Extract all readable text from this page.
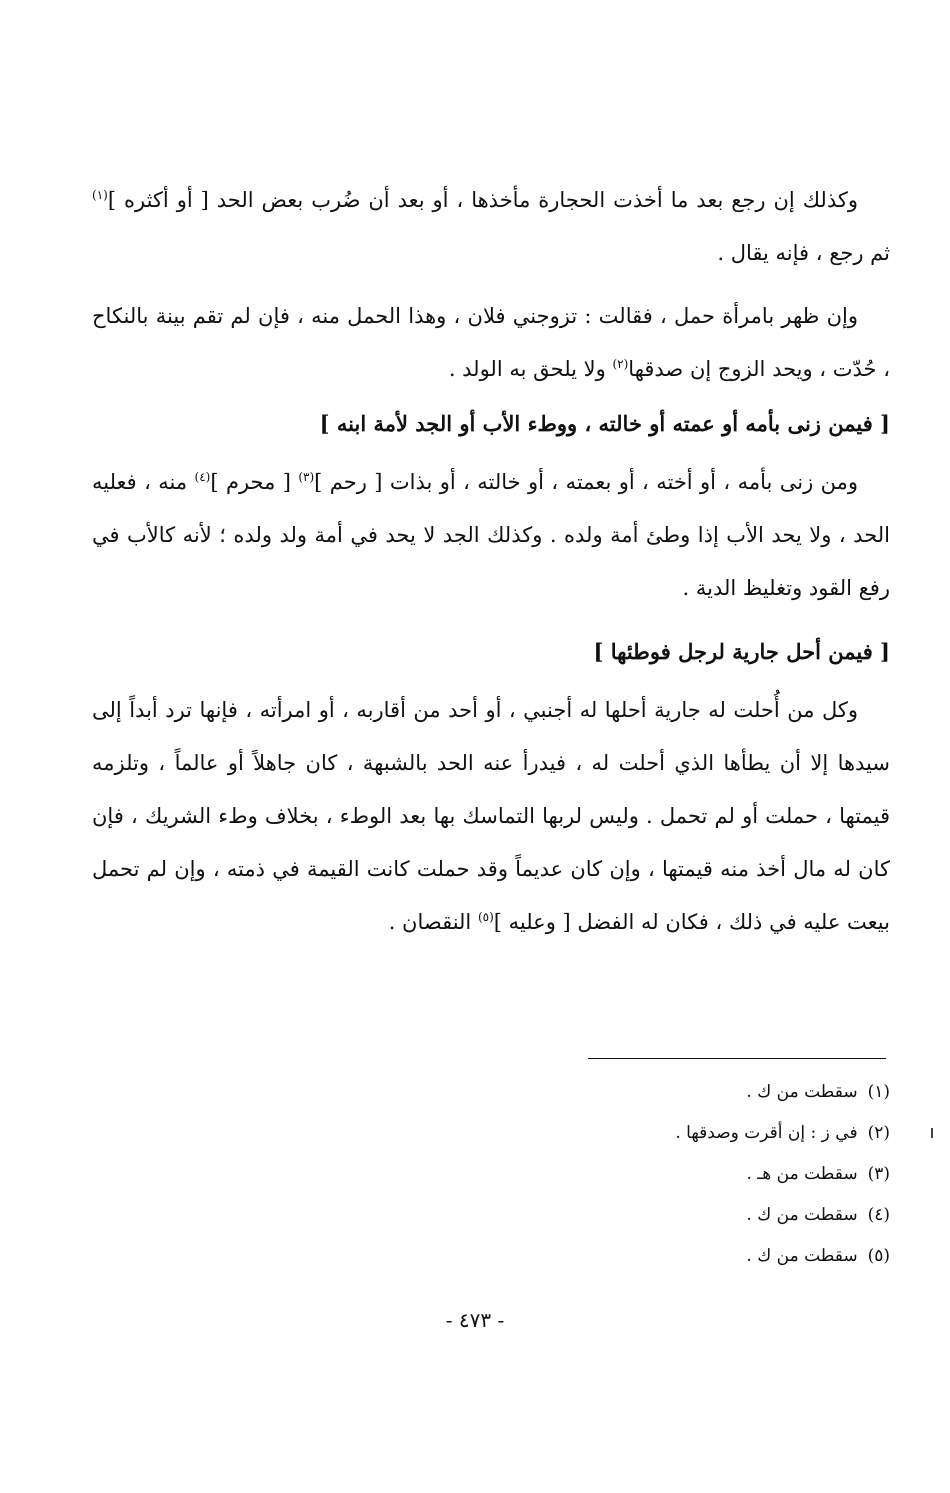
وكذلك إن رجع بعد ما أخذت الحجارة مأخذها ، أو بعد أن ضُرب بعض الحد [ أو أكثره ]$^{(١)}$ ثم رجع ، فإنه يقال .

وإن ظهر بامرأة حمل ، فقالت : تزوجني فلان ، وهذا الحمل منه ، فإن لم تقم بينة بالنكاح ، حُدّت ، ويحد الزوج إن صدقها$^{(٢)}$ ولا يلحق به الولد .

[ فيمن زنى بأمه أو عمته أو خالته ، ووطء الأب أو الجد لأمة ابنه ]

ومن زنى بأمه ، أو أخته ، أو بعمته ، أو خالته ، أو بذات [ رحم ]$^{(٣)}$ [ محرم ]$^{(٤)}$ منه ، فعليه الحد ، ولا يحد الأب إذا وطئ أمة ولده . وكذلك الجد لا يحد في أمة ولد ولده ؛ لأنه كالأب في رفع القود وتغليظ الدية .

[ فيمن أحل جارية لرجل فوطئها ]

وكل من أُحلت له جارية أحلها له أجنبي ، أو أحد من أقاربه ، أو امرأته ، فإنها ترد أبداً إلى سيدها إلا أن يطأها الذي أحلت له ، فيدرأ عنه الحد بالشبهة ، كان جاهلاً أو عالماً ، وتلزمه قيمتها ، حملت أو لم تحمل . وليس لربها التماسك بها بعد الوطء ، بخلاف وطء الشريك ، فإن كان له مال أخذ منه قيمتها ، وإن كان عديماً وقد حملت كانت القيمة في ذمته ، وإن لم تحمل بيعت عليه في ذلك ، فكان له الفضل [ وعليه ]$^{(٥)}$ النقصان .

(١)سقطت من ك .

(٢)في ز : إن أقرت وصدقها .

(٣)سقطت من هـ .

(٤)سقطت من ك .

(٥)سقطت من ك .

- ٤٧٣ -
